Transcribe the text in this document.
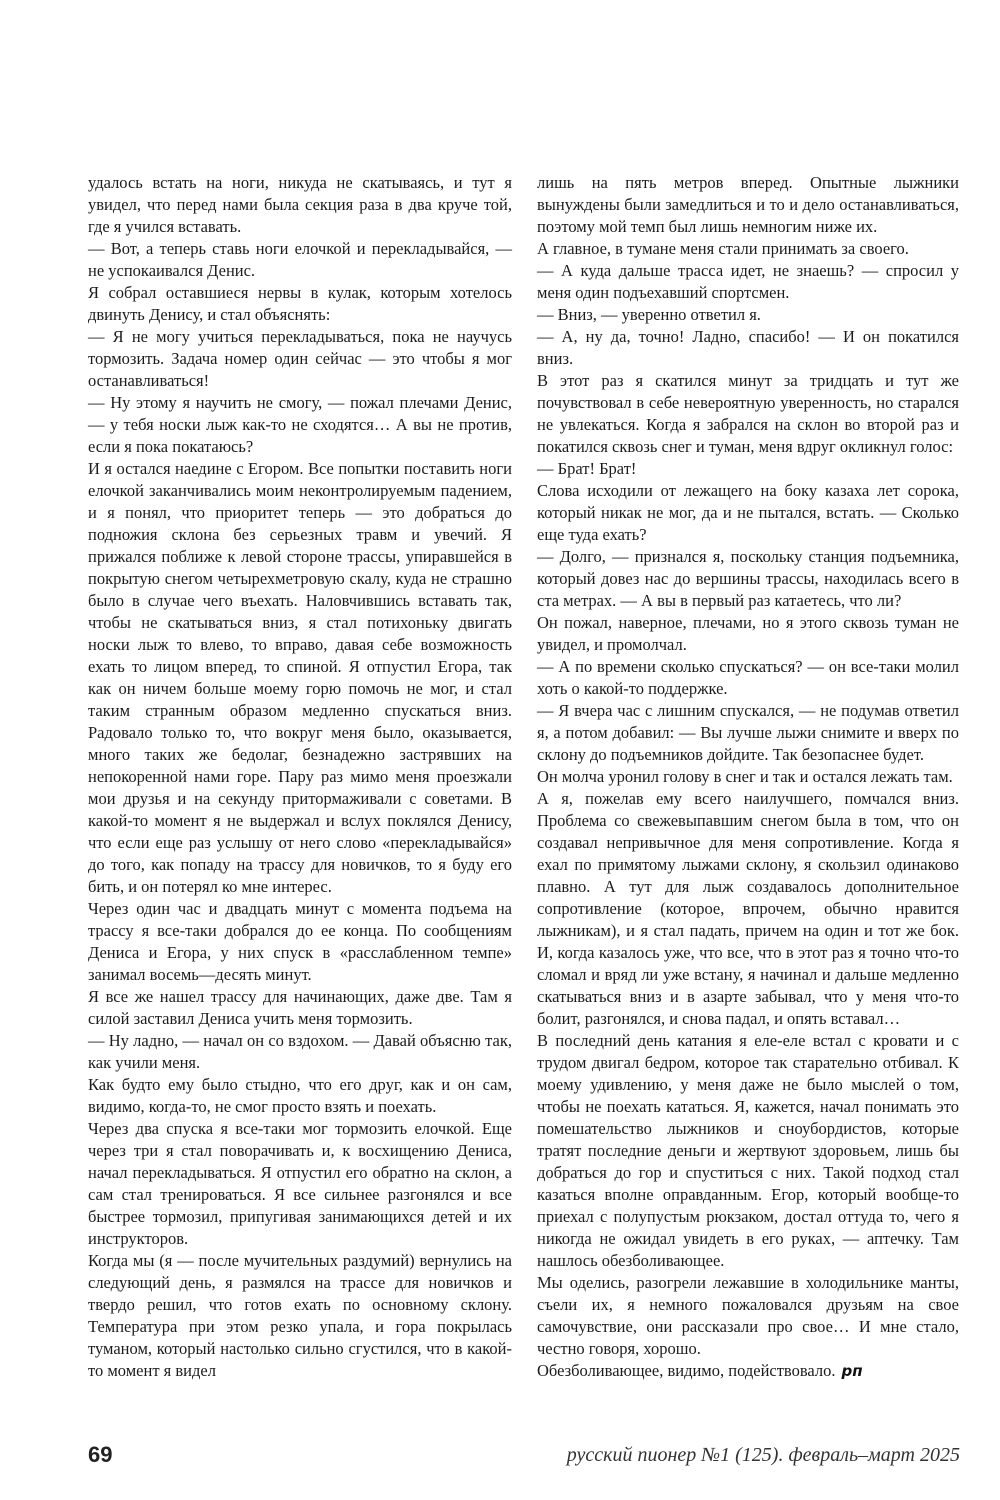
удалось встать на ноги, никуда не скатываясь, и тут я увидел, что перед нами была секция раза в два круче той, где я учился вставать.

— Вот, а теперь ставь ноги елочкой и перекладывайся, — не успокаивался Денис.

Я собрал оставшиеся нервы в кулак, которым хотелось двинуть Денису, и стал объяснять:

— Я не могу учиться перекладываться, пока не научусь тормозить. Задача номер один сейчас — это чтобы я мог останавливаться!

— Ну этому я научить не смогу, — пожал плечами Денис, — у тебя носки лыж как-то не сходятся… А вы не против, если я пока покатаюсь?

И я остался наедине с Егором. Все попытки поставить ноги елочкой заканчивались моим неконтролируемым падением, и я понял, что приоритет теперь — это добраться до подножия склона без серьезных травм и увечий. Я прижался поближе к левой стороне трассы, упиравшейся в покрытую снегом четырехметровую скалу, куда не страшно было в случае чего въехать. Наловчившись вставать так, чтобы не скатываться вниз, я стал потихоньку двигать носки лыж то влево, то вправо, давая себе возможность ехать то лицом вперед, то спиной. Я отпустил Егора, так как он ничем больше моему горю помочь не мог, и стал таким странным образом медленно спускаться вниз. Радовало только то, что вокруг меня было, оказывается, много таких же бедолаг, безнадежно застрявших на непокоренной нами горе. Пару раз мимо меня проезжали мои друзья и на секунду притормаживали с советами. В какой-то момент я не выдержал и вслух поклялся Денису, что если еще раз услышу от него слово «перекладывайся» до того, как попаду на трассу для новичков, то я буду его бить, и он потерял ко мне интерес.

Через один час и двадцать минут с момента подъема на трассу я все-таки добрался до ее конца. По сообщениям Дениса и Егора, у них спуск в «расслабленном темпе» занимал восемь—десять минут.

Я все же нашел трассу для начинающих, даже две. Там я силой заставил Дениса учить меня тормозить.

— Ну ладно, — начал он со вздохом. — Давай объясню так, как учили меня.

Как будто ему было стыдно, что его друг, как и он сам, видимо, когда-то, не смог просто взять и поехать.

Через два спуска я все-таки мог тормозить елочкой. Еще через три я стал поворачивать и, к восхищению Дениса, начал перекладываться. Я отпустил его обратно на склон, а сам стал тренироваться. Я все сильнее разгонялся и все быстрее тормозил, припугивая занимающихся детей и их инструкторов.

Когда мы (я — после мучительных раздумий) вернулись на следующий день, я размялся на трассе для новичков и твердо решил, что готов ехать по основному склону. Температура при этом резко упала, и гора покрылась туманом, который настолько сильно сгустился, что в какой-то момент я видел

лишь на пять метров вперед. Опытные лыжники вынуждены были замедлиться и то и дело останавливаться, поэтому мой темп был лишь немногим ниже их.

А главное, в тумане меня стали принимать за своего.

— А куда дальше трасса идет, не знаешь? — спросил у меня один подъехавший спортсмен.

— Вниз, — уверенно ответил я.

— А, ну да, точно! Ладно, спасибо! — И он покатился вниз.

В этот раз я скатился минут за тридцать и тут же почувствовал в себе невероятную уверенность, но старался не увлекаться. Когда я забрался на склон во второй раз и покатился сквозь снег и туман, меня вдруг окликнул голос:

— Брат! Брат!

Слова исходили от лежащего на боку казаха лет сорока, который никак не мог, да и не пытался, встать. — Сколько еще туда ехать?

— Долго, — признался я, поскольку станция подъемника, который довез нас до вершины трассы, находилась всего в ста метрах. — А вы в первый раз катаетесь, что ли?

Он пожал, наверное, плечами, но я этого сквозь туман не увидел, и промолчал.

— А по времени сколько спускаться? — он все-таки молил хоть о какой-то поддержке.

— Я вчера час с лишним спускался, — не подумав ответил я, а потом добавил: — Вы лучше лыжи снимите и вверх по склону до подъемников дойдите. Так безопаснее будет.

Он молча уронил голову в снег и так и остался лежать там.

А я, пожелав ему всего наилучшего, помчался вниз. Проблема со свежевыпавшим снегом была в том, что он создавал непривычное для меня сопротивление. Когда я ехал по примятому лыжами склону, я скользил одинаково плавно. А тут для лыж создавалось дополнительное сопротивление (которое, впрочем, обычно нравится лыжникам), и я стал падать, причем на один и тот же бок. И, когда казалось уже, что все, что в этот раз я точно что-то сломал и вряд ли уже встану, я начинал и дальше медленно скатываться вниз и в азарте забывал, что у меня что-то болит, разгонялся, и снова падал, и опять вставал…

В последний день катания я еле-еле встал с кровати и с трудом двигал бедром, которое так старательно отбивал. К моему удивлению, у меня даже не было мыслей о том, чтобы не поехать кататься. Я, кажется, начал понимать это помешательство лыжников и сноубордистов, которые тратят последние деньги и жертвуют здоровьем, лишь бы добраться до гор и спуститься с них. Такой подход стал казаться вполне оправданным. Егор, который вообще-то приехал с полупустым рюкзаком, достал оттуда то, чего я никогда не ожидал увидеть в его руках, — аптечку. Там нашлось обезболивающее.

Мы оделись, разогрели лежавшие в холодильнике манты, съели их, я немного пожаловался друзьям на свое самочувствие, они рассказали про свое… И мне стало, честно говоря, хорошо.

Обезболивающее, видимо, подействовало. рп

69	русский пионер №1 (125). февраль–март 2025
